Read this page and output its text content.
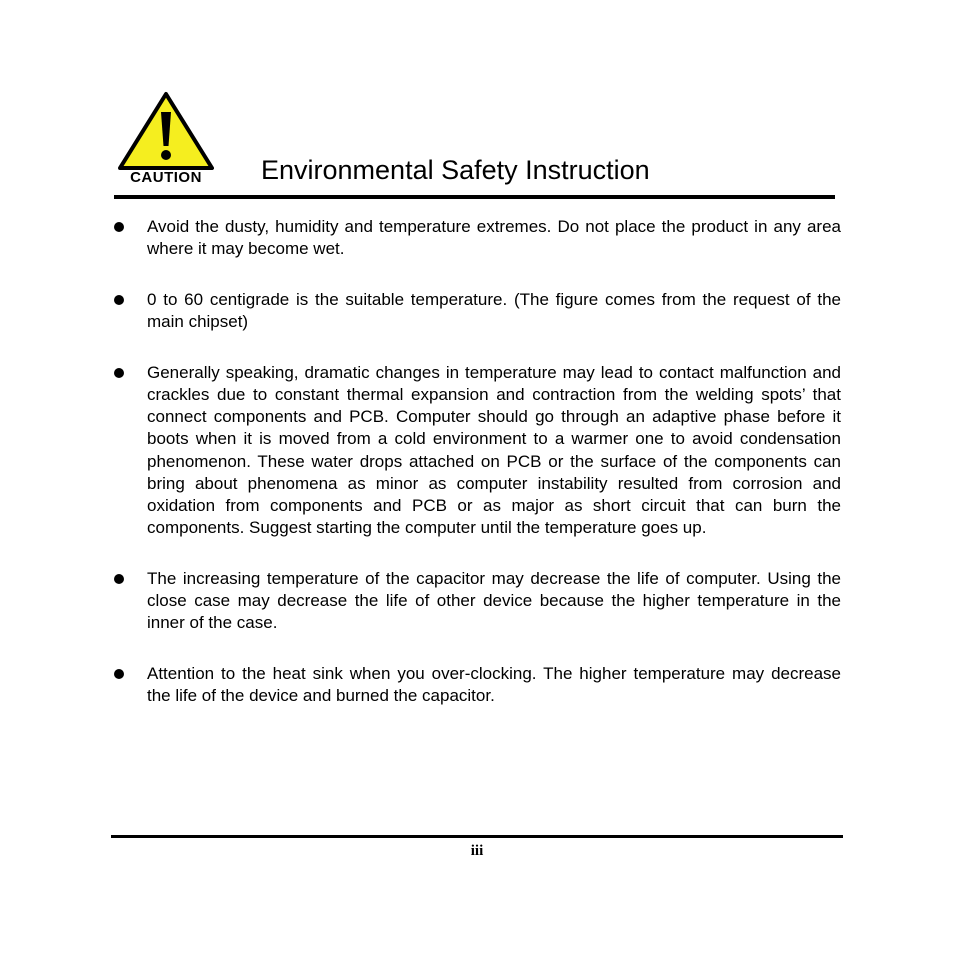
CAUTION Environmental Safety Instruction
Avoid the dusty, humidity and temperature extremes. Do not place the product in any area where it may become wet.
0 to 60 centigrade is the suitable temperature. (The figure comes from the request of the main chipset)
Generally speaking, dramatic changes in temperature may lead to contact malfunction and crackles due to constant thermal expansion and contraction from the welding spots’ that connect components and PCB. Computer should go through an adaptive phase before it boots when it is moved from a cold environment to a warmer one to avoid condensation phenomenon. These water drops attached on PCB or the surface of the components can bring about phenomena as minor as computer instability resulted from corrosion and oxidation from components and PCB or as major as short circuit that can burn the components. Suggest starting the computer until the temperature goes up.
The increasing temperature of the capacitor may decrease the life of computer. Using the close case may decrease the life of other device because the higher temperature in the inner of the case.
Attention to the heat sink when you over-clocking. The higher temperature may decrease the life of the device and burned the capacitor.
iii
